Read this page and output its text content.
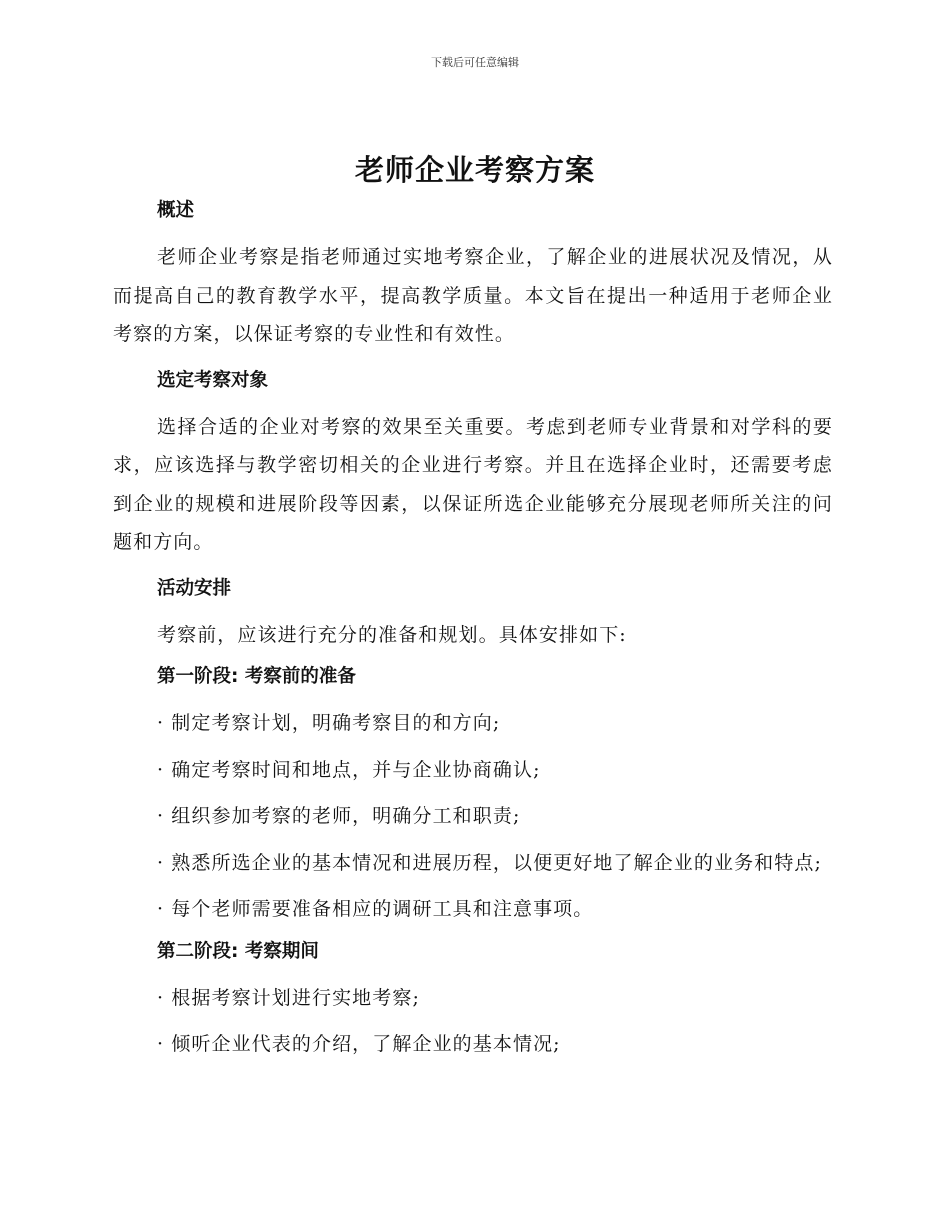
下载后可任意编辑
老师企业考察方案
概述

老师企业考察是指老师通过实地考察企业，了解企业的进展状况及情况，从而提高自己的教育教学水平，提高教学质量。本文旨在提出一种适用于老师企业考察的方案，以保证考察的专业性和有效性。

选定考察对象

选择合适的企业对考察的效果至关重要。考虑到老师专业背景和对学科的要求，应该选择与教学密切相关的企业进行考察。并且在选择企业时，还需要考虑到企业的规模和进展阶段等因素，以保证所选企业能够充分展现老师所关注的问题和方向。

活动安排

考察前，应该进行充分的准备和规划。具体安排如下:

第一阶段: 考察前的准备

· 制定考察计划，明确考察目的和方向;

· 确定考察时间和地点，并与企业协商确认;

· 组织参加考察的老师，明确分工和职责;

· 熟悉所选企业的基本情况和进展历程，以便更好地了解企业的业务和特点;

· 每个老师需要准备相应的调研工具和注意事项。

第二阶段: 考察期间

· 根据考察计划进行实地考察;

· 倾听企业代表的介绍，了解企业的基本情况;
